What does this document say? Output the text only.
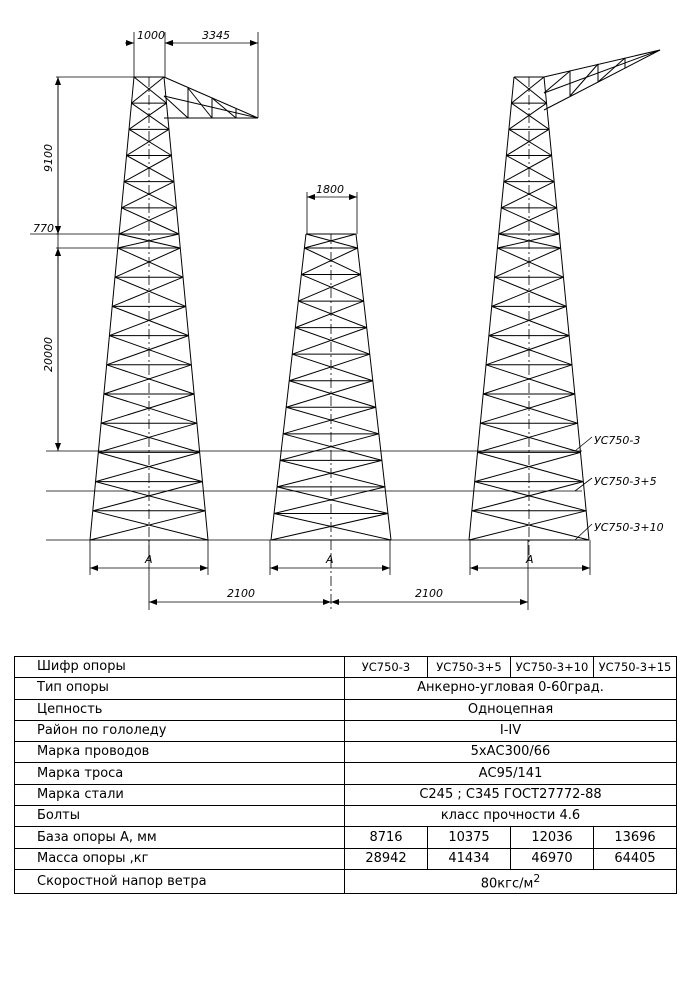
1000	3345
1800
9100
770
20000
A	A	A
2100	2100
УС750-3
УС750-3+5
УС750-3+10
Шифр опоры	УС750-3	УС750-3+5	УС750-3+10	УС750-3+15
Тип опоры	Анкерно-угловая 0-60град.			
Цепность	Одноцепная			
Район по гололеду	I-IV			
Марка проводов	5хАС300/66			
Марка троса	АС95/141			
Марка стали	С245 ; С345 ГОСТ27772-88			
Болты	класс прочности 4.6			
База опоры А, мм	8716	10375	12036	13696
Масса опоры ,кг	28942	41434	46970	64405
Скоростной напор ветра	$80кгс/м^2$
